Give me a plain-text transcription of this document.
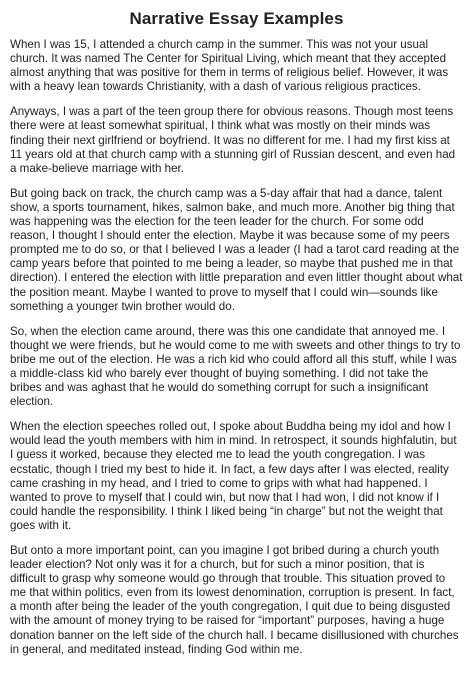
Narrative Essay Examples

When I was 15, I attended a church camp in the summer. This was not your usual church. It was named The Center for Spiritual Living, which meant that they accepted almost anything that was positive for them in terms of religious belief. However, it was with a heavy lean towards Christianity, with a dash of various religious practices.

Anyways, I was a part of the teen group there for obvious reasons. Though most teens there were at least somewhat spiritual, I think what was mostly on their minds was finding their next girlfriend or boyfriend. It was no different for me. I had my first kiss at 11 years old at that church camp with a stunning girl of Russian descent, and even had a make-believe marriage with her.

But going back on track, the church camp was a 5-day affair that had a dance, talent show, a sports tournament, hikes, salmon bake, and much more. Another big thing that was happening was the election for the teen leader for the church. For some odd reason, I thought I should enter the election. Maybe it was because some of my peers prompted me to do so, or that I believed I was a leader (I had a tarot card reading at the camp years before that pointed to me being a leader, so maybe that pushed me in that direction). I entered the election with little preparation and even littler thought about what the position meant. Maybe I wanted to prove to myself that I could win—sounds like something a younger twin brother would do.

So, when the election came around, there was this one candidate that annoyed me. I thought we were friends, but he would come to me with sweets and other things to try to bribe me out of the election. He was a rich kid who could afford all this stuff, while I was a middle-class kid who barely ever thought of buying something. I did not take the bribes and was aghast that he would do something corrupt for such a insignificant election.

When the election speeches rolled out, I spoke about Buddha being my idol and how I would lead the youth members with him in mind. In retrospect, it sounds highfalutin, but I guess it worked, because they elected me to lead the youth congregation. I was ecstatic, though I tried my best to hide it. In fact, a few days after I was elected, reality came crashing in my head, and I tried to come to grips with what had happened. I wanted to prove to myself that I could win, but now that I had won, I did not know if I could handle the responsibility. I think I liked being “in charge” but not the weight that goes with it.

But onto a more important point, can you imagine I got bribed during a church youth leader election? Not only was it for a church, but for such a minor position, that is difficult to grasp why someone would go through that trouble. This situation proved to me that within politics, even from its lowest denomination, corruption is present. In fact, a month after being the leader of the youth congregation, I quit due to being disgusted with the amount of money trying to be raised for “important” purposes, having a huge donation banner on the left side of the church hall. I became disillusioned with churches in general, and meditated instead, finding God within me.
